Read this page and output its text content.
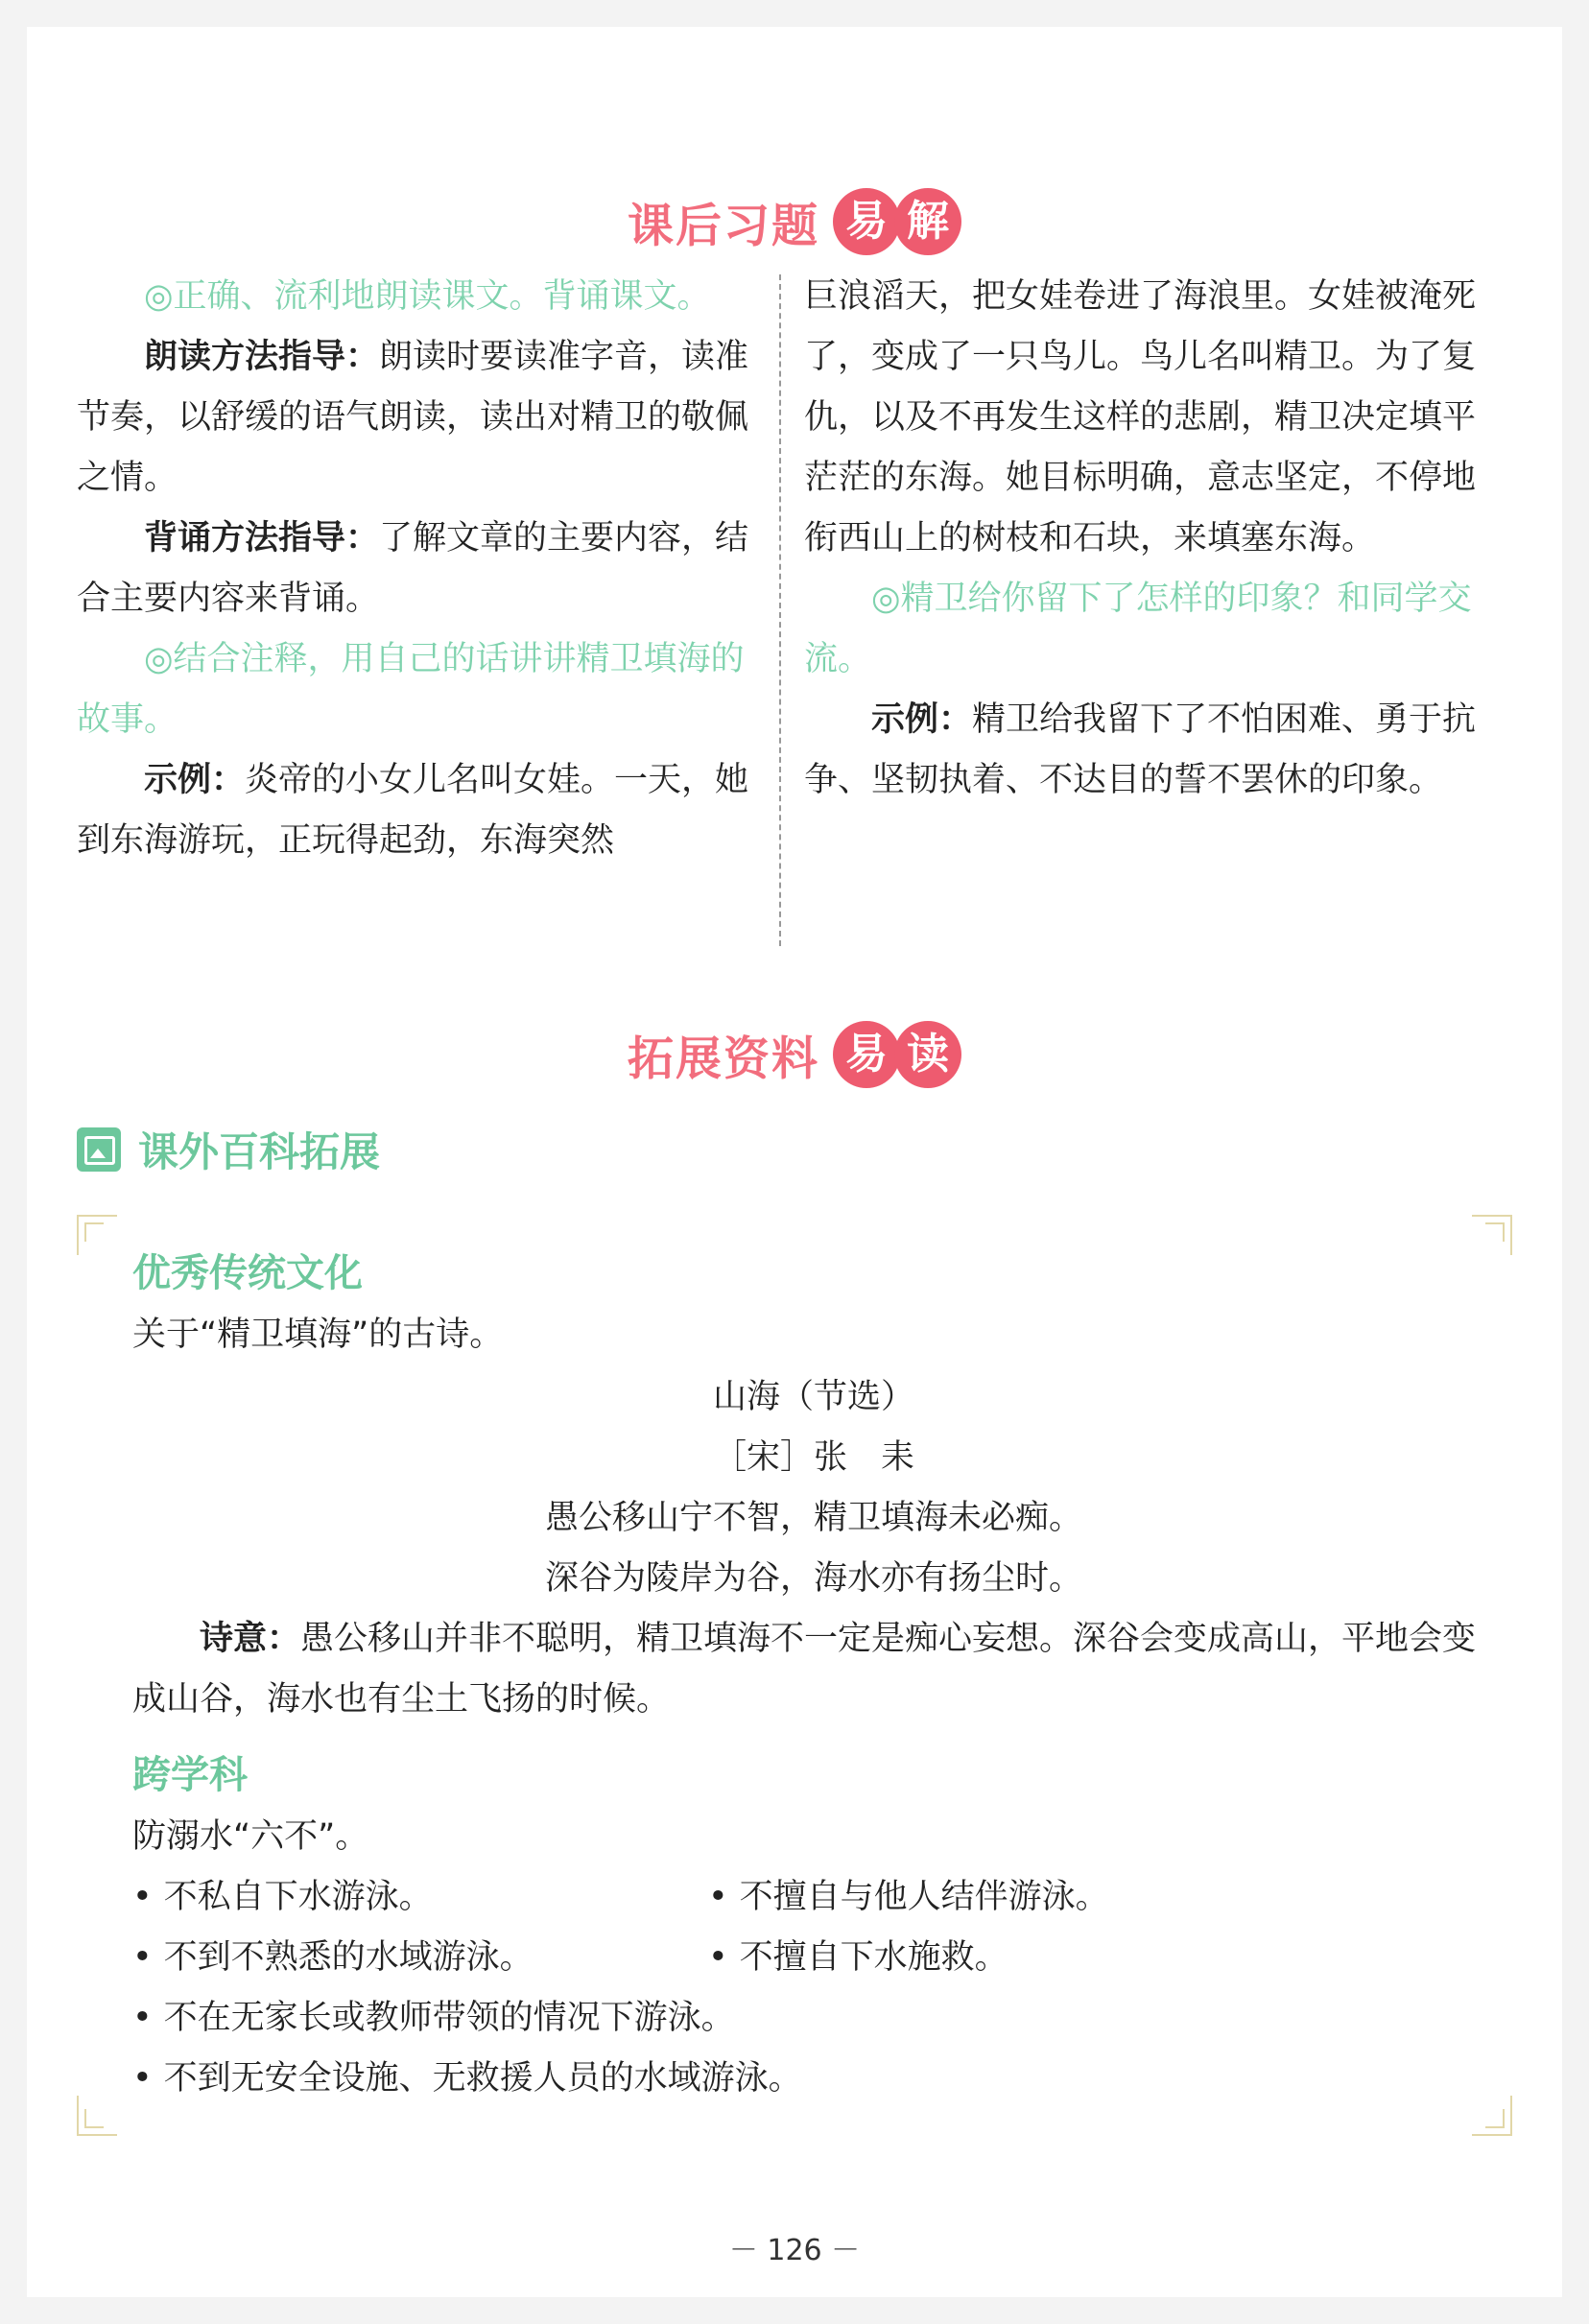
课后习题 易 解

◎正确、流利地朗读课文。背诵课文。

朗读方法指导：朗读时要读准字音，读准节奏，以舒缓的语气朗读，读出对精卫的敬佩之情。

背诵方法指导：了解文章的主要内容，结合主要内容来背诵。

◎结合注释，用自己的话讲讲精卫填海的故事。

示例：炎帝的小女儿名叫女娃。一天，她到东海游玩，正玩得起劲，东海突然

巨浪滔天，把女娃卷进了海浪里。女娃被淹死了，变成了一只鸟儿。鸟儿名叫精卫。为了复仇，以及不再发生这样的悲剧，精卫决定填平茫茫的东海。她目标明确，意志坚定，不停地衔西山上的树枝和石块，来填塞东海。

◎精卫给你留下了怎样的印象？和同学交流。

示例：精卫给我留下了不怕困难、勇于抗争、坚韧执着、不达目的誓不罢休的印象。

拓展资料 易 读
课外百科拓展

优秀传统文化

关于“精卫填海”的古诗。

山海（节选）

［宋］张　耒

愚公移山宁不智，精卫填海未必痴。

深谷为陵岸为谷，海水亦有扬尘时。

诗意：愚公移山并非不聪明，精卫填海不一定是痴心妄想。深谷会变成高山，平地会变成山谷，海水也有尘土飞扬的时候。

跨学科

防溺水“六不”。

• 不私自下水游泳。	• 不擅自与他人结伴游泳。
• 不到不熟悉的水域游泳。	• 不擅自下水施救。
• 不在无家长或教师带领的情况下游泳。
• 不到无安全设施、无救援人员的水域游泳。
－ 126 －
